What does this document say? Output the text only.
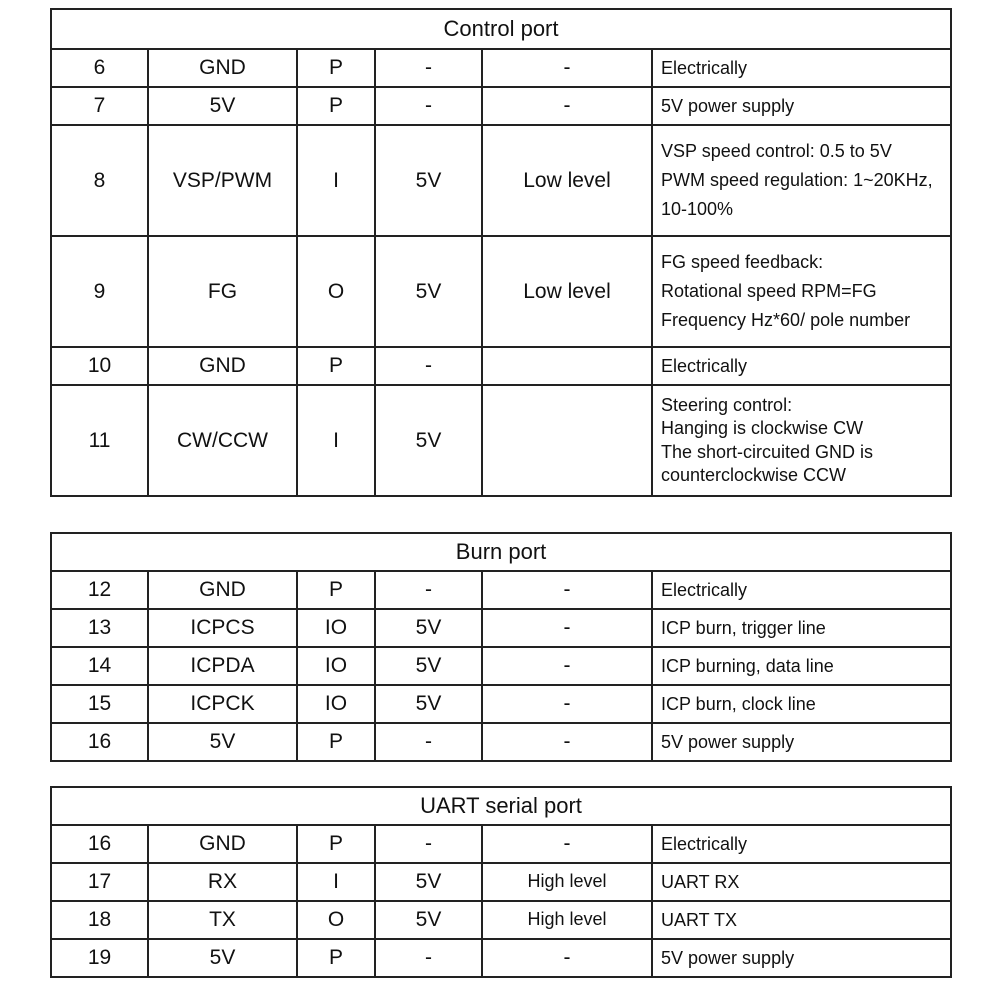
Control port					
6	GND	P	-	-	Electrically

7	5V	P	-	-	5V power supply

8	VSP/PWM	I	5V	Low level	VSP speed control: 0.5 to 5V
PWM speed regulation: 1~20KHz,
10-100%

9	FG	O	5V	Low level	FG speed feedback:
Rotational speed RPM=FG
Frequency Hz*60/ pole number

10	GND	P	-		Electrically

11	CW/CCW	I	5V		Steering control:
Hanging is clockwise CW
The short-circuited GND is
counterclockwise CCW
Burn port					
12	GND	P	-	-	Electrically

13	ICPCS	IO	5V	-	ICP burn, trigger line

14	ICPDA	IO	5V	-	ICP burning, data line

15	ICPCK	IO	5V	-	ICP burn, clock line

16	5V	P	-	-	5V power supply
UART serial port					
16	GND	P	-	-	Electrically

17	RX	I	5V	High level	UART RX

18	TX	O	5V	High level	UART TX

19	5V	P	-	-	5V power supply
